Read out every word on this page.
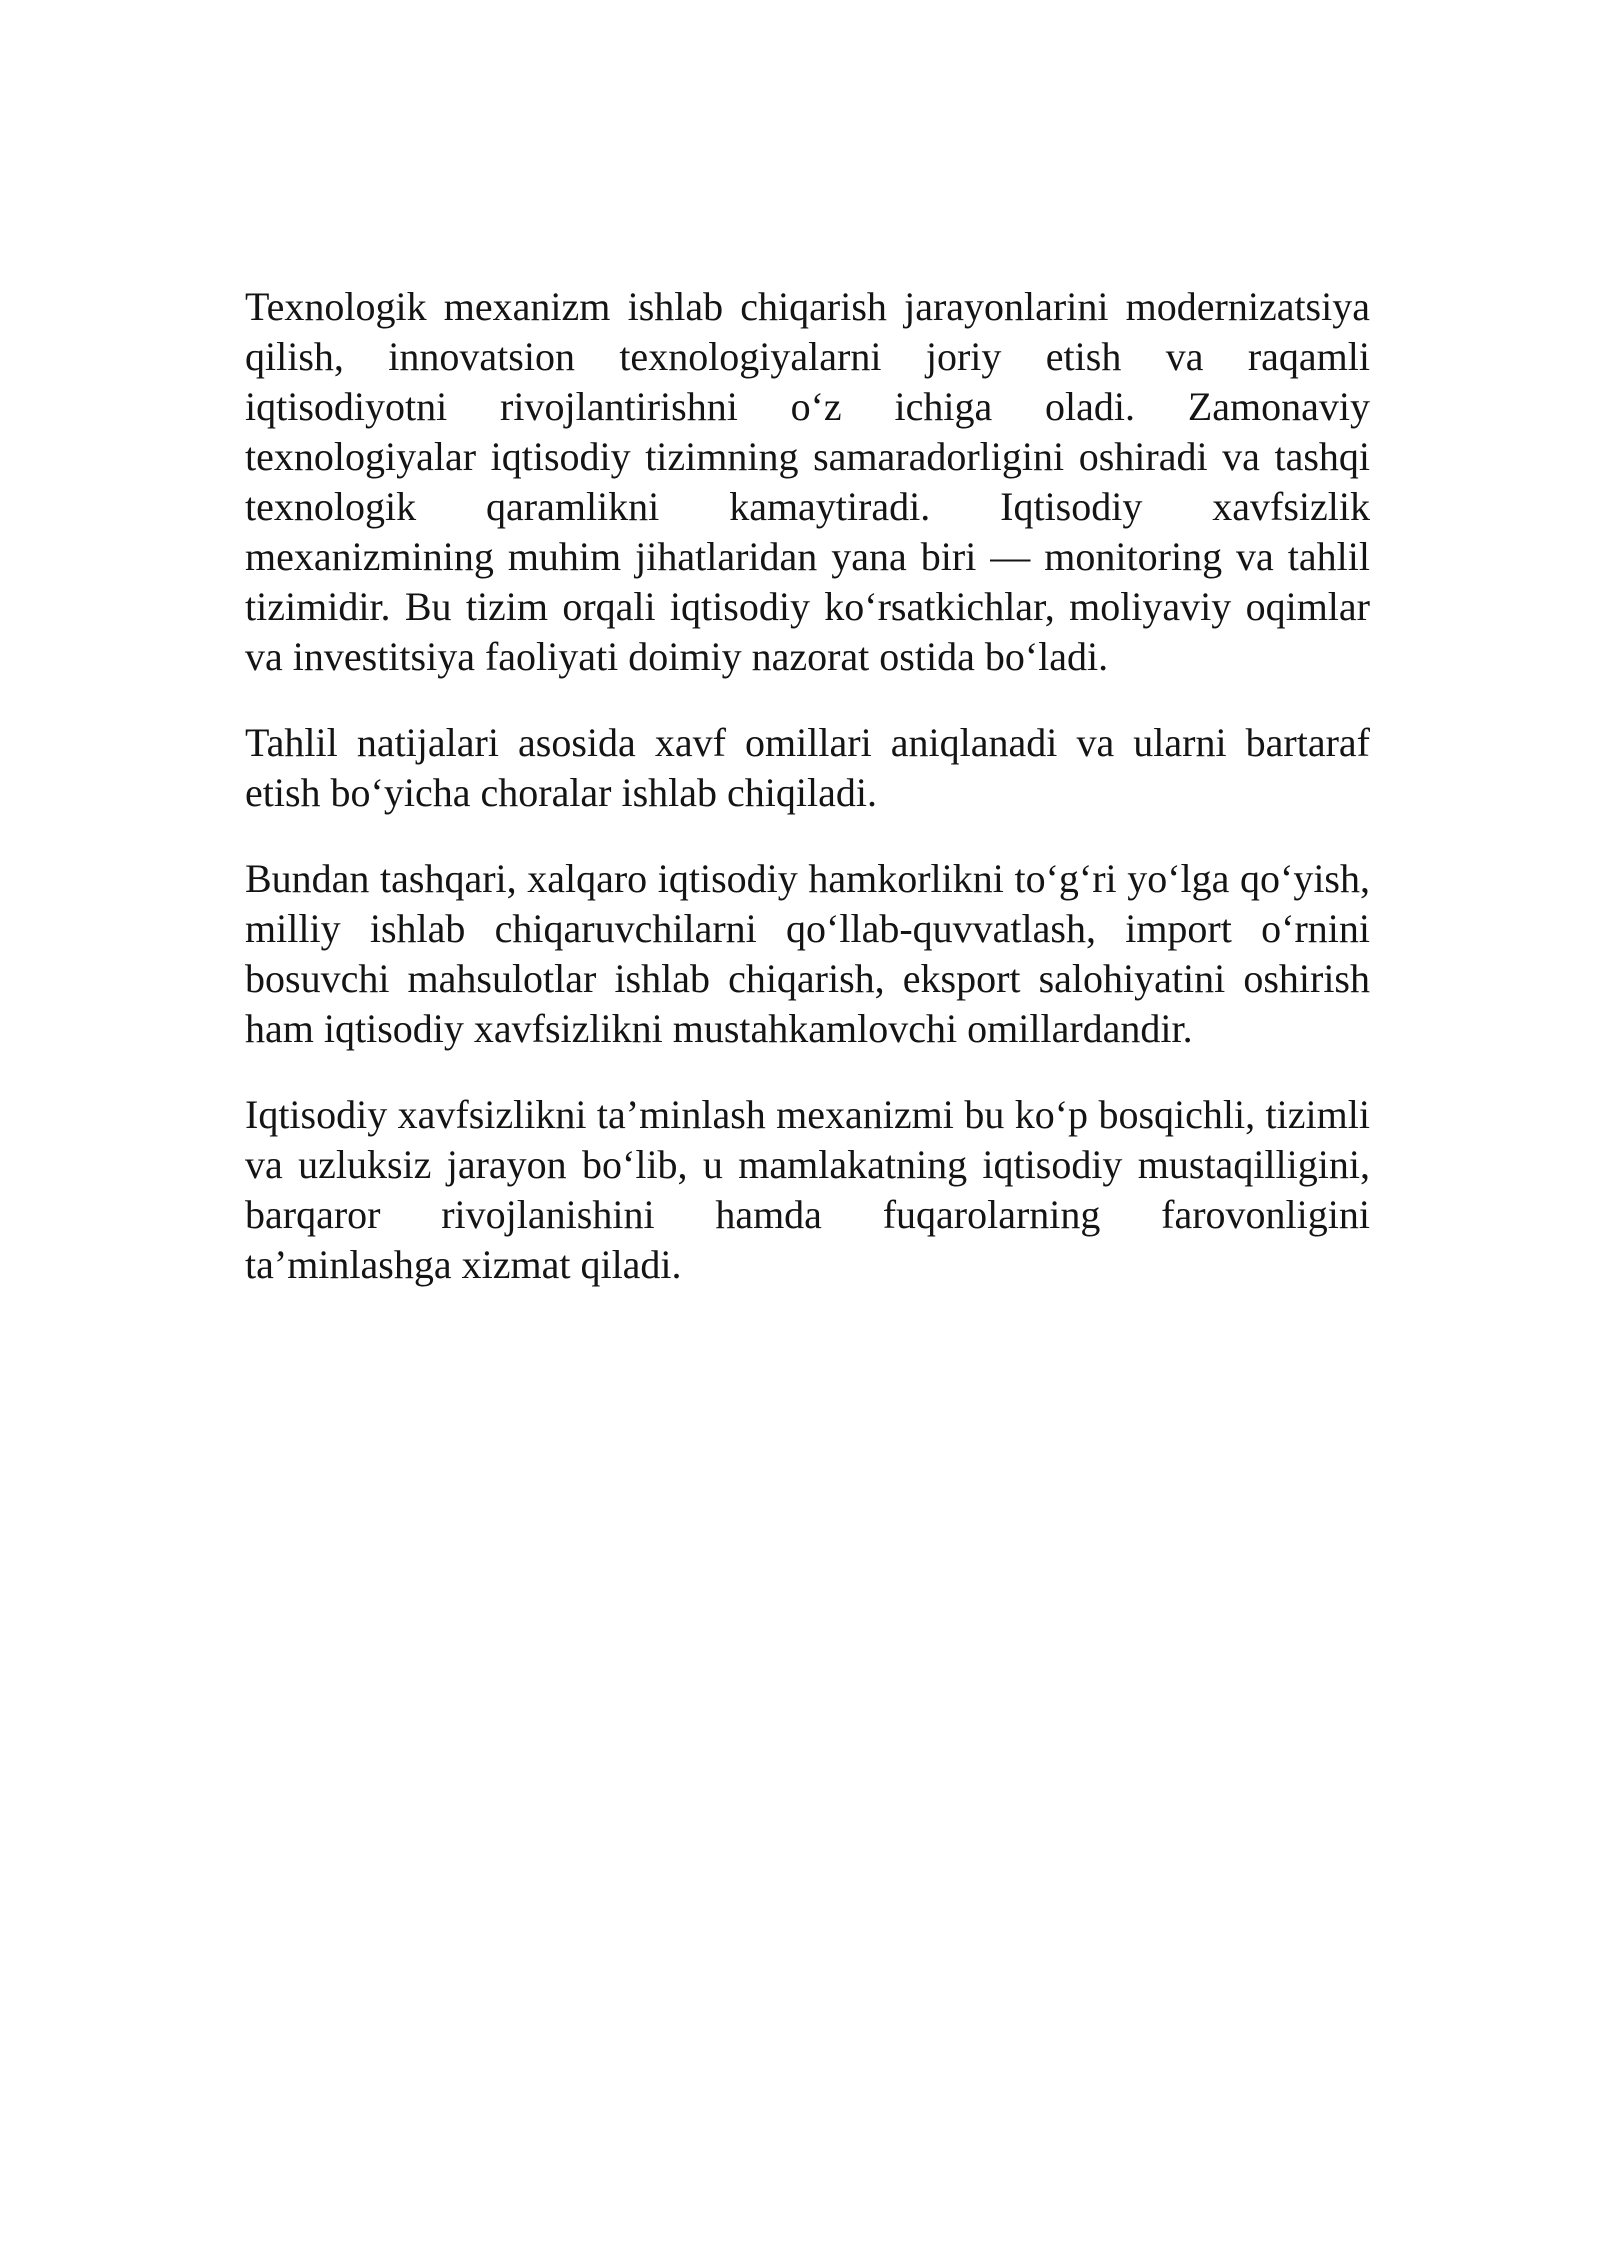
Texnologik mexanizm ishlab chiqarish jarayonlarini modernizatsiya qilish, innovatsion texnologiyalarni joriy etish va raqamli iqtisodiyotni rivojlantirishni o‘z ichiga oladi. Zamonaviy texnologiyalar iqtisodiy tizimning samaradorligini oshiradi va tashqi texnologik qaramlikni kamaytiradi. Iqtisodiy xavfsizlik mexanizmining muhim jihatlaridan yana biri — monitoring va tahlil tizimidir. Bu tizim orqali iqtisodiy ko‘rsatkichlar, moliyaviy oqimlar va investitsiya faoliyati doimiy nazorat ostida bo‘ladi.

Tahlil natijalari asosida xavf omillari aniqlanadi va ularni bartaraf etish bo‘yicha choralar ishlab chiqiladi.

Bundan tashqari, xalqaro iqtisodiy hamkorlikni to‘g‘ri yo‘lga qo‘yish, milliy ishlab chiqaruvchilarni qo‘llab-quvvatlash, import o‘rnini bosuvchi mahsulotlar ishlab chiqarish, eksport salohiyatini oshirish ham iqtisodiy xavfsizlikni mustahkamlovchi omillardandir.

Iqtisodiy xavfsizlikni ta’minlash mexanizmi bu ko‘p bosqichli, tizimli va uzluksiz jarayon bo‘lib, u mamlakatning iqtisodiy mustaqilligini, barqaror rivojlanishini hamda fuqarolarning farovonligini ta’minlashga xizmat qiladi.
